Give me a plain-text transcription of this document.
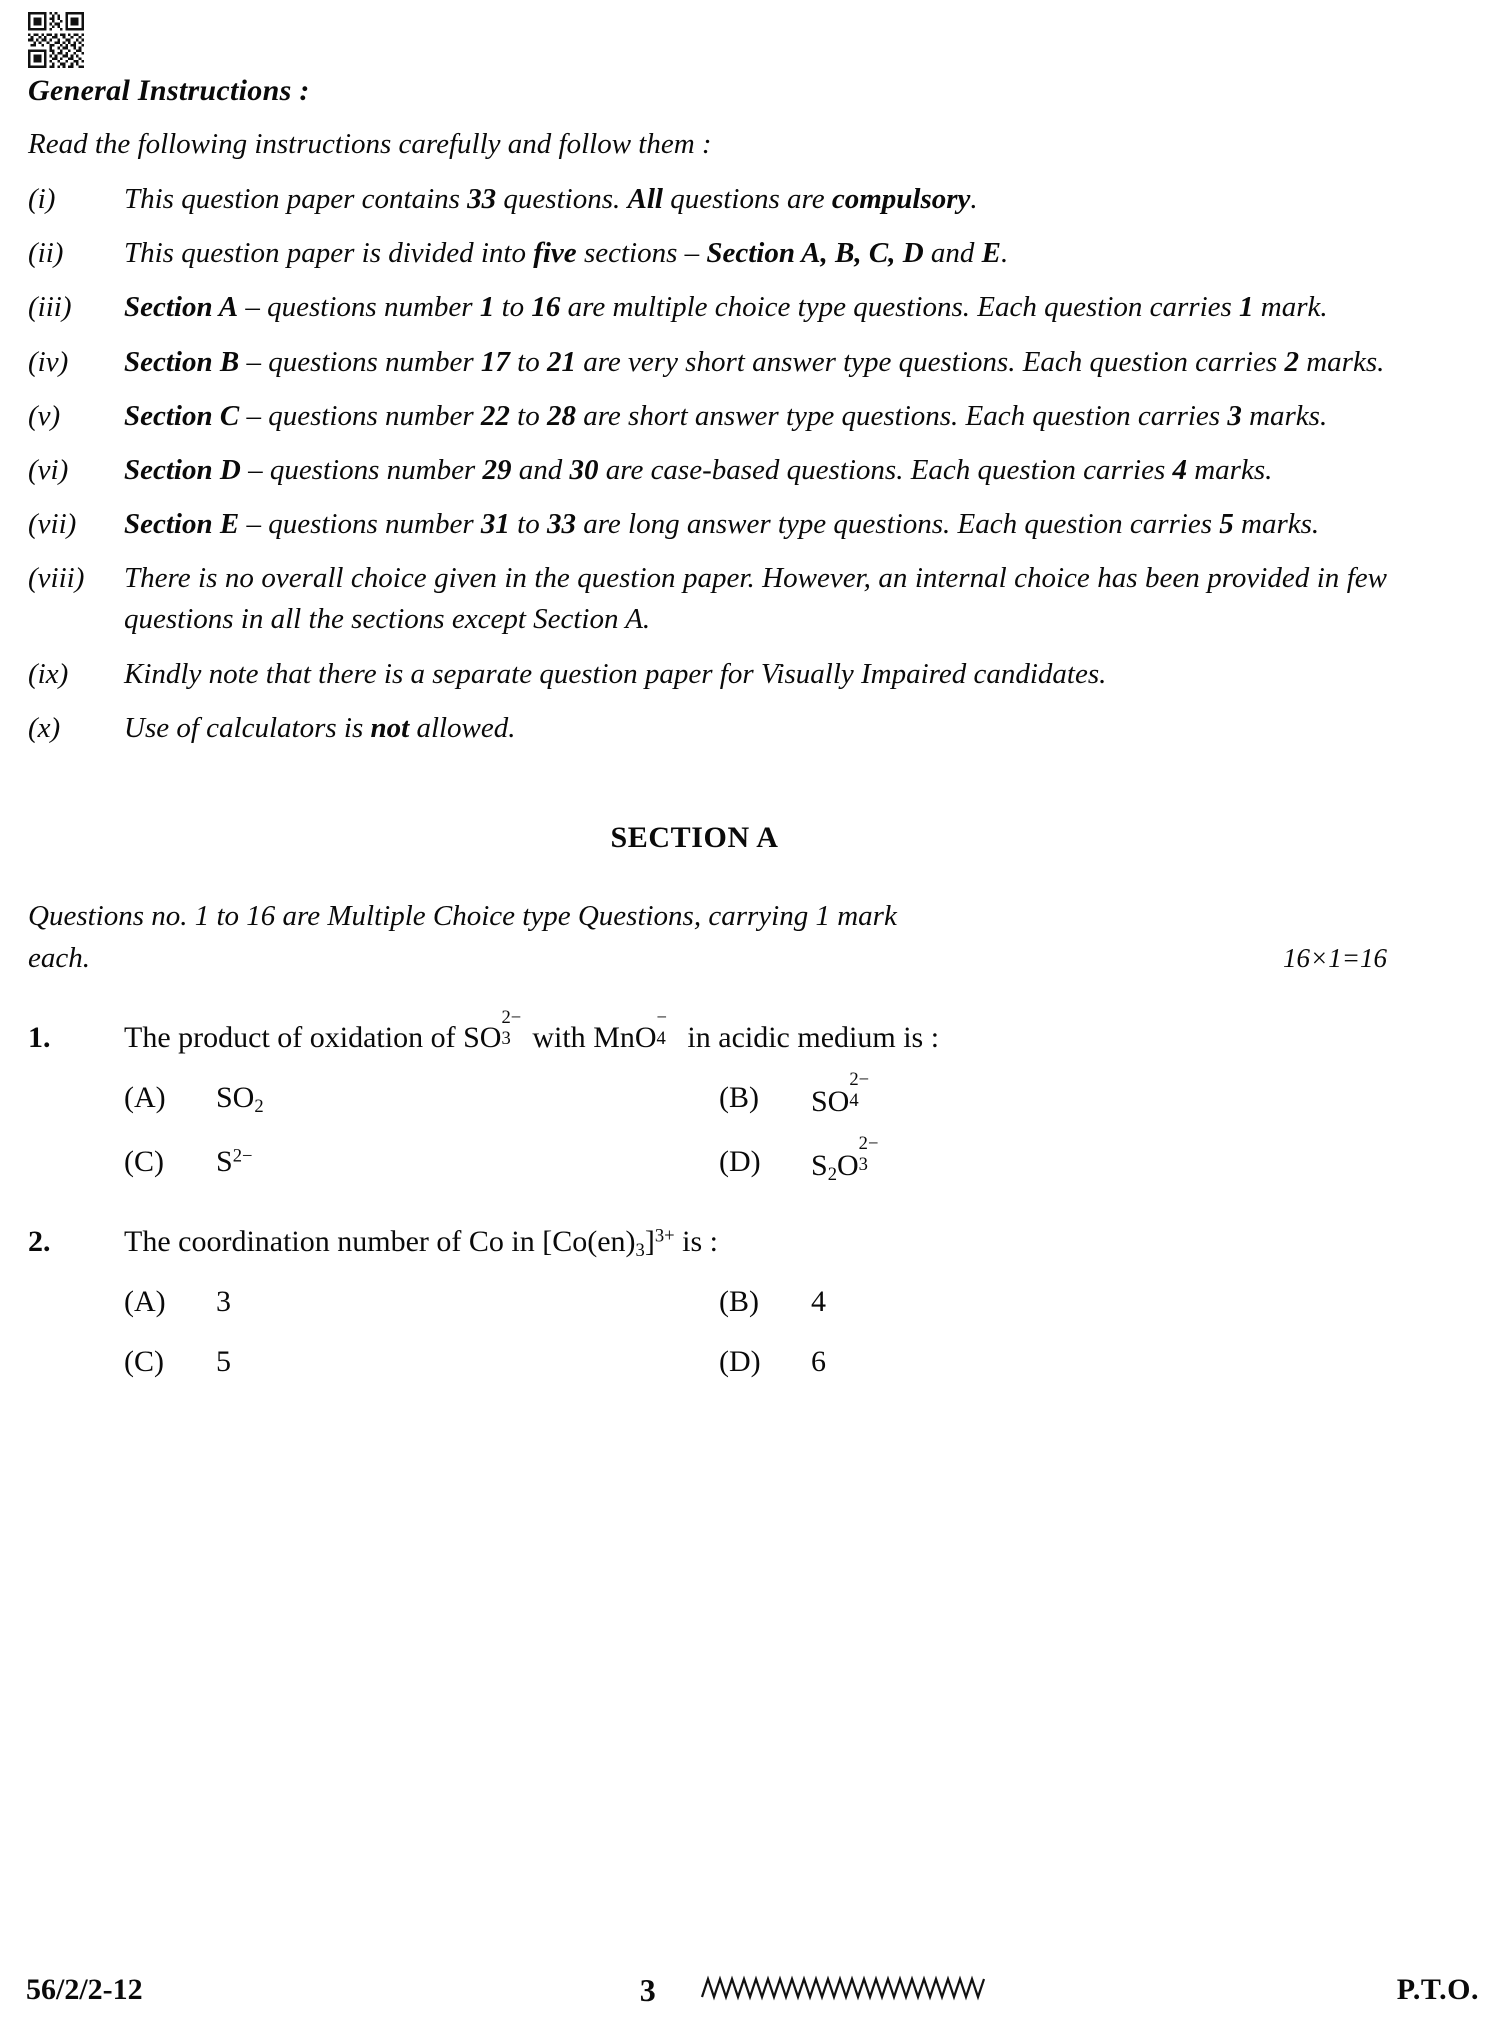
General Instructions :
Read the following instructions carefully and follow them :
(i)	This question paper contains 33 questions. All questions are compulsory.
(ii)	This question paper is divided into five sections – Section A, B, C, D and E.
(iii)	Section A – questions number 1 to 16 are multiple choice type questions. Each question carries 1 mark.
(iv)	Section B – questions number 17 to 21 are very short answer type questions. Each question carries 2 marks.
(v)	Section C – questions number 22 to 28 are short answer type questions. Each question carries 3 marks.
(vi)	Section D – questions number 29 and 30 are case-based questions. Each question carries 4 marks.
(vii)	Section E – questions number 31 to 33 are long answer type questions. Each question carries 5 marks.
(viii)	There is no overall choice given in the question paper. However, an internal choice has been provided in few questions in all the sections except Section A.
(ix)	Kindly note that there is a separate question paper for Visually Impaired candidates.
(x)	Use of calculators is not allowed.
SECTION A
Questions no. 1 to 16 are Multiple Choice type Questions, carrying 1 mark
each.	16×1=16
1.	The product of oxidation of SO
2−
3 with MnO
−
4 in acidic medium is :
(A)	$SO_2$	(B)	SO
2−
4
(C)	$S^{2-}$	(D)	$S_2O$
2−
3
2.	The coordination number of Co in $[Co(en)_3]^{3+}$ is :
(A)	3	(B)	4
(C)	5	(D)	6
56/2/2-12	3	P.T.O.
